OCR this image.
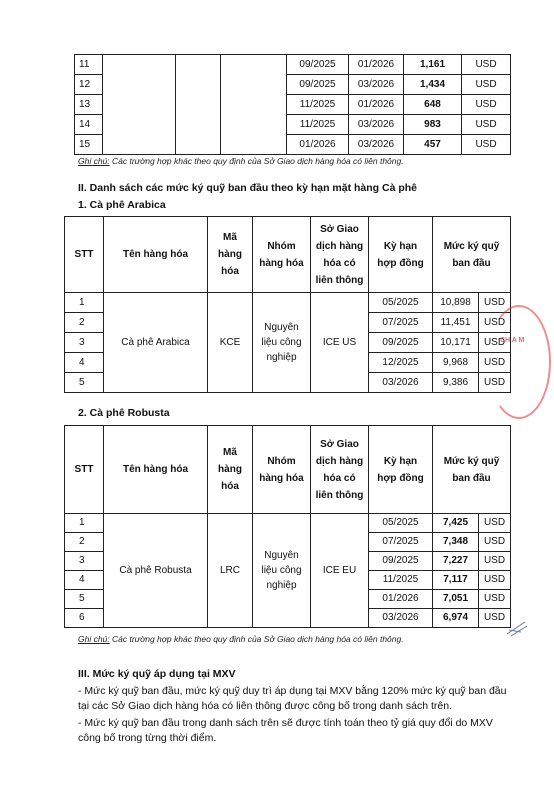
11				09/2025	01/2026	1,161	USD
12				09/2025	03/2026	1,434	USD
13				11/2025	01/2026	648	USD
14				11/2025	03/2026	983	USD
15				01/2026	03/2026	457	USD
Ghi chú: Các trường hợp khác theo quy định của Sở Giao dịch hàng hóa có liên thông.
II. Danh sách các mức ký quỹ ban đầu theo kỳ hạn mặt hàng Cà phê
1. Cà phê Arabica
STT	Tên hàng hóa	Mã hàng hóa	Nhóm hàng hóa	Sở Giao dịch hàng hóa có liên thông	Kỳ hạn hợp đồng	Mức ký quỹ ban đầu	
1	Cà phê Arabica	KCE	Nguyên liệu công nghiệp	ICE US	05/2025	10,898	USD
2					07/2025	11,451	USD
3					09/2025	10,171	USD
4					12/2025	9,968	USD
5					03/2026	9,386	USD
2. Cà phê Robusta
STT	Tên hàng hóa	Mã hàng hóa	Nhóm hàng hóa	Sở Giao dịch hàng hóa có liên thông	Kỳ hạn hợp đồng	Mức ký quỹ ban đầu	
1	Cà phê Robusta	LRC	Nguyên liệu công nghiệp	ICE EU	05/2025	7,425	USD
2					07/2025	7,348	USD
3					09/2025	7,227	USD
4					11/2025	7,117	USD
5					01/2026	7,051	USD
6					03/2026	6,974	USD
Ghi chú: Các trường hợp khác theo quy định của Sở Giao dịch hàng hóa có liên thông.
III. Mức ký quỹ áp dụng tại MXV
- Mức ký quỹ ban đầu, mức ký quỹ duy trì áp dụng tại MXV bằng 120% mức ký quỹ ban đầu tại các Sở Giao dịch hàng hóa có liên thông được công bố trong danh sách trên.
- Mức ký quỹ ban đầu trong danh sách trên sẽ được tính toán theo tỷ giá quy đổi do MXV công bố trong từng thời điểm.
CH A M
